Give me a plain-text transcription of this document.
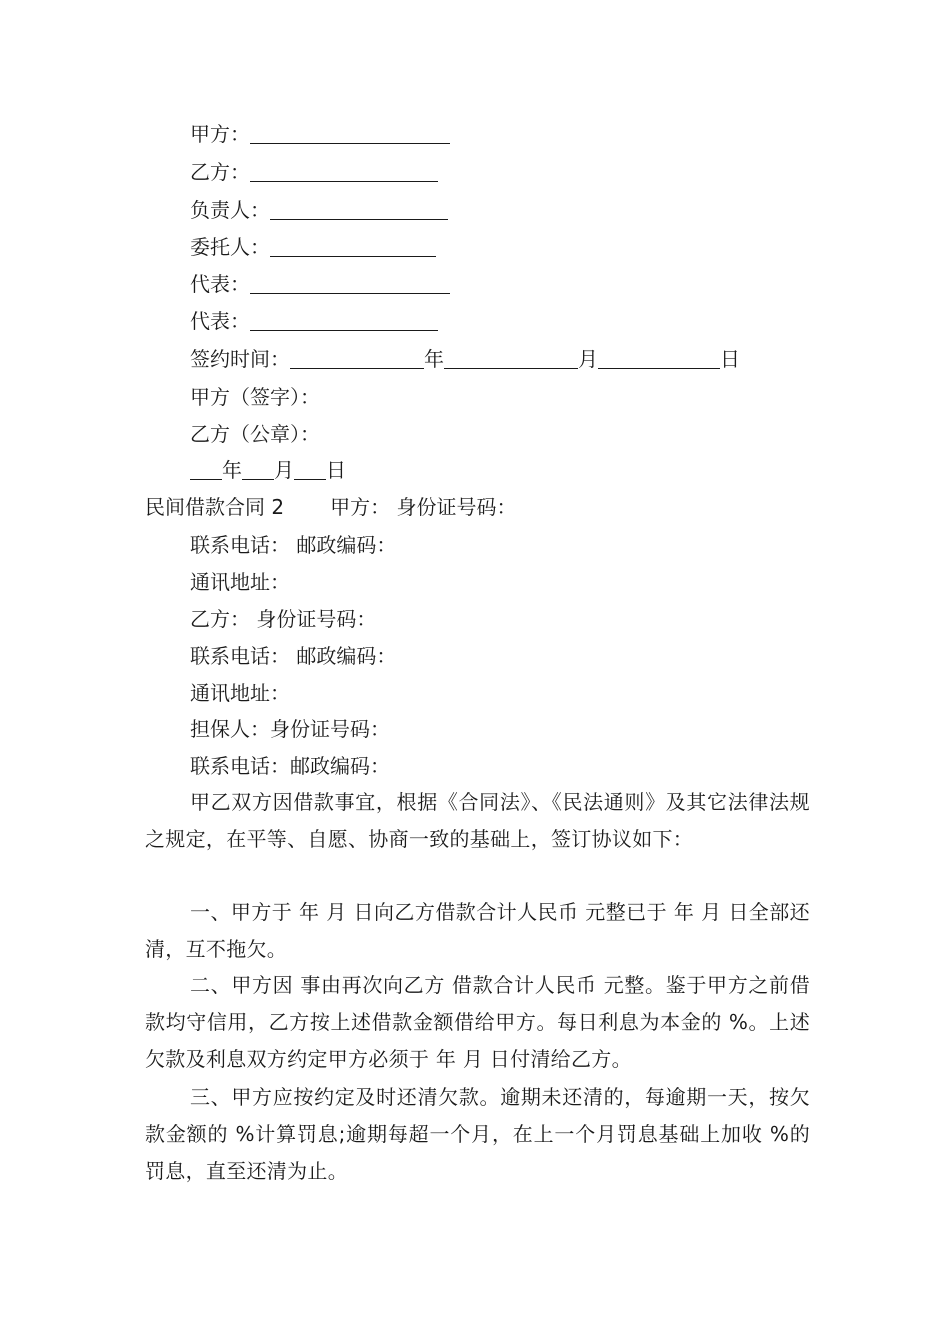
甲方：
乙方：
负责人：
委托人：
代表：
代表：
签约时间：	年	月	日
甲方（签字）：
乙方（公章）：
年 月 日
民间借款合同 2 甲方： 身份证号码：
联系电话： 邮政编码：
通讯地址：
乙方： 身份证号码：
联系电话： 邮政编码：
通讯地址：
担保人：身份证号码：
联系电话：邮政编码：
甲乙双方因借款事宜，根据《合同法》、《民法通则》及其它法律法规之规定，在平等、自愿、协商一致的基础上，签订协议如下：
一、甲方于 年 月 日向乙方借款合计人民币 元整已于 年 月 日全部还清，互不拖欠。
二、甲方因 事由再次向乙方 借款合计人民币 元整。鉴于甲方之前借款均守信用，乙方按上述借款金额借给甲方。每日利息为本金的 %。上述欠款及利息双方约定甲方必须于 年 月 日付清给乙方。
三、甲方应按约定及时还清欠款。逾期未还清的，每逾期一天，按欠款金额的 %计算罚息;逾期每超一个月，在上一个月罚息基础上加收 %的罚息，直至还清为止。
